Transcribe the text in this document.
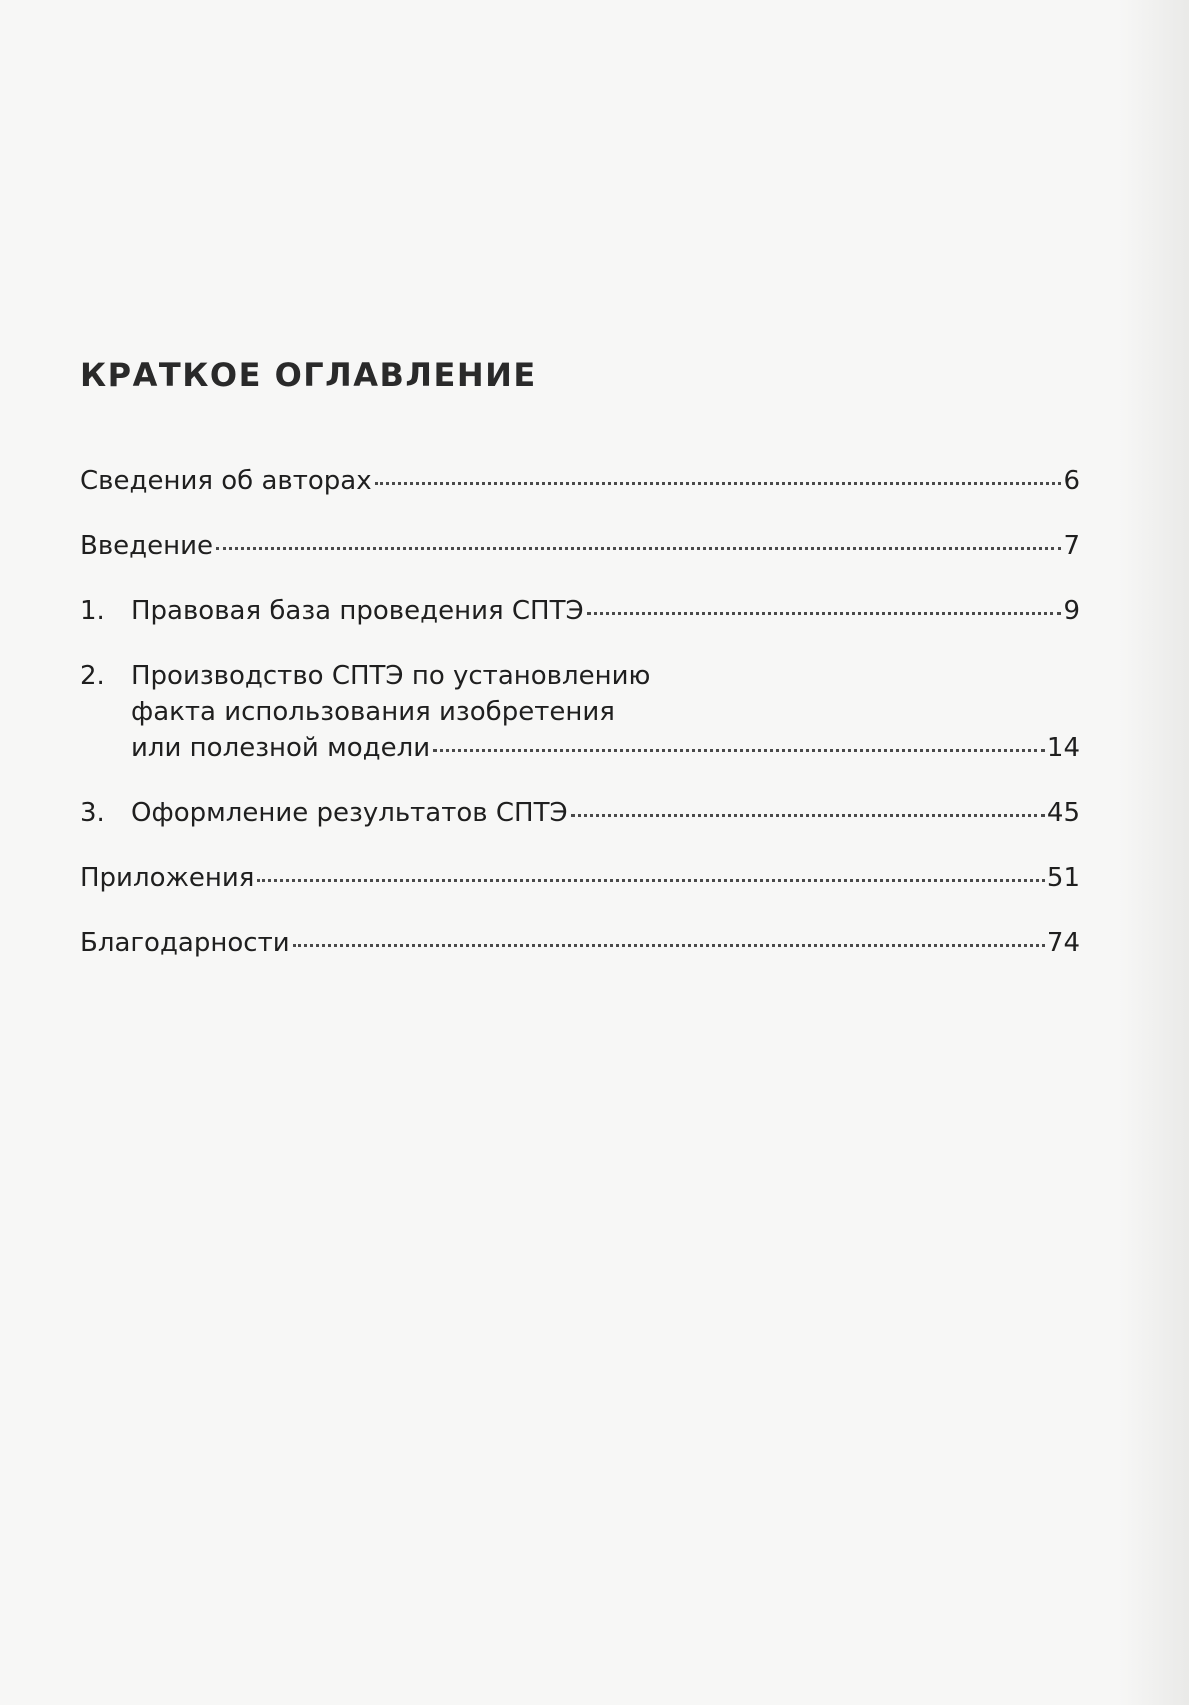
КРАТКОЕ ОГЛАВЛЕНИЕ
Сведения об авторах	6
Введение	7
1.	Правовая база проведения СПТЭ	9
2.	Производство СПТЭ по установлению
факта использования изобретения
или полезной модели	14
3.	Оформление результатов СПТЭ	45
Приложения	51
Благодарности	74
